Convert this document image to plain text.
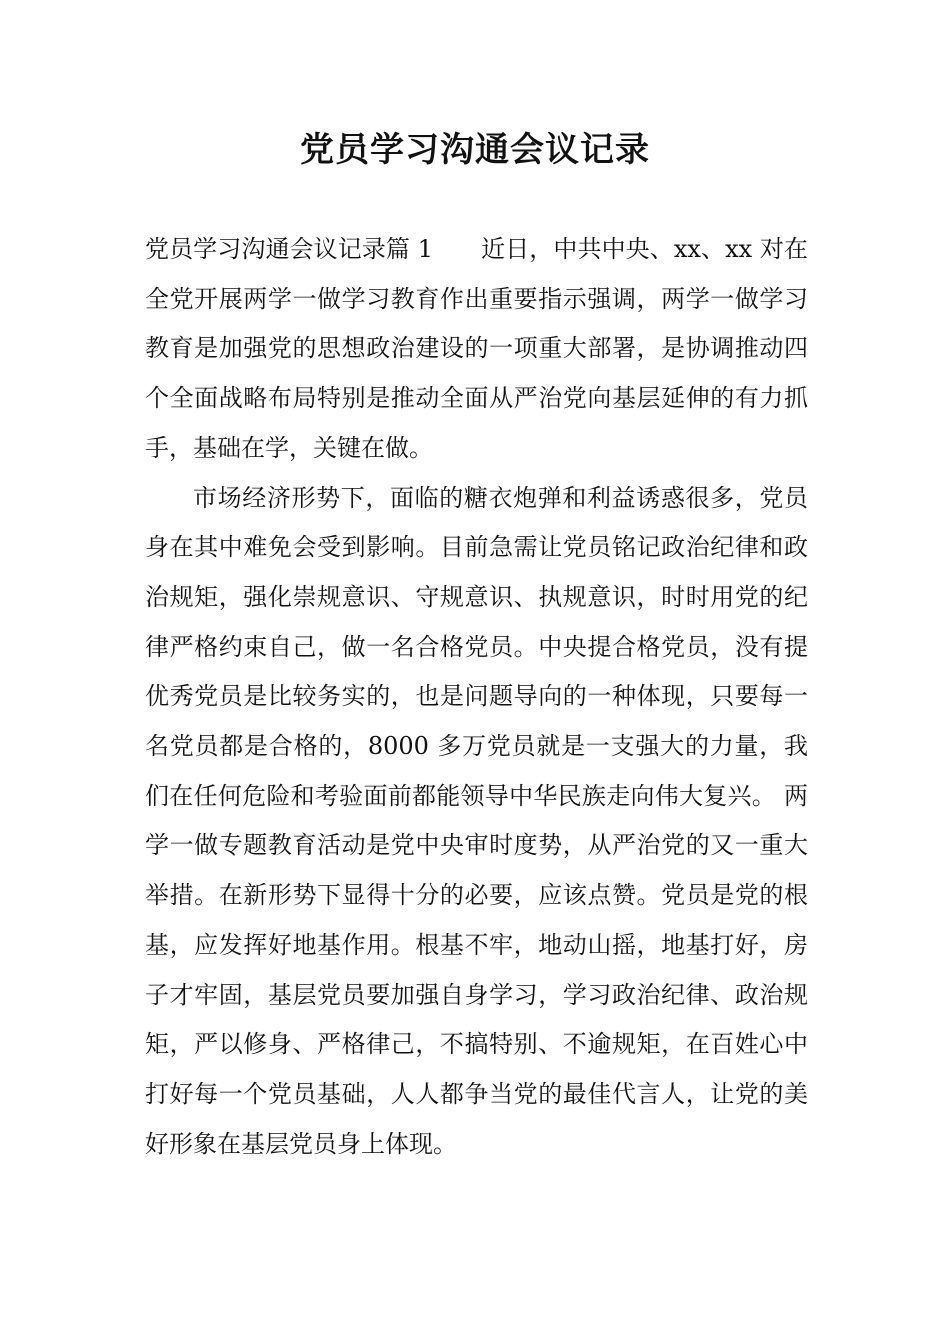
党员学习沟通会议记录

党员学习沟通会议记录篇 1 近日，中共中央、xx、xx 对在全党开展两学一做学习教育作出重要指示强调，两学一做学习教育是加强党的思想政治建设的一项重大部署，是协调推动四个全面战略布局特别是推动全面从严治党向基层延伸的有力抓手，基础在学，关键在做。

市场经济形势下，面临的糖衣炮弹和利益诱惑很多，党员身在其中难免会受到影响。目前急需让党员铭记政治纪律和政治规矩，强化崇规意识、守规意识、执规意识，时时用党的纪律严格约束自己，做一名合格党员。中央提合格党员，没有提优秀党员是比较务实的，也是问题导向的一种体现，只要每一名党员都是合格的，8000 多万党员就是一支强大的力量，我们在任何危险和考验面前都能领导中华民族走向伟大复兴。 两学一做专题教育活动是党中央审时度势，从严治党的又一重大举措。在新形势下显得十分的必要，应该点赞。党员是党的根基，应发挥好地基作用。根基不牢，地动山摇，地基打好，房子才牢固，基层党员要加强自身学习，学习政治纪律、政治规矩，严以修身、严格律己，不搞特别、不逾规矩，在百姓心中打好每一个党员基础，人人都争当党的最佳代言人，让党的美好形象在基层党员身上体现。
